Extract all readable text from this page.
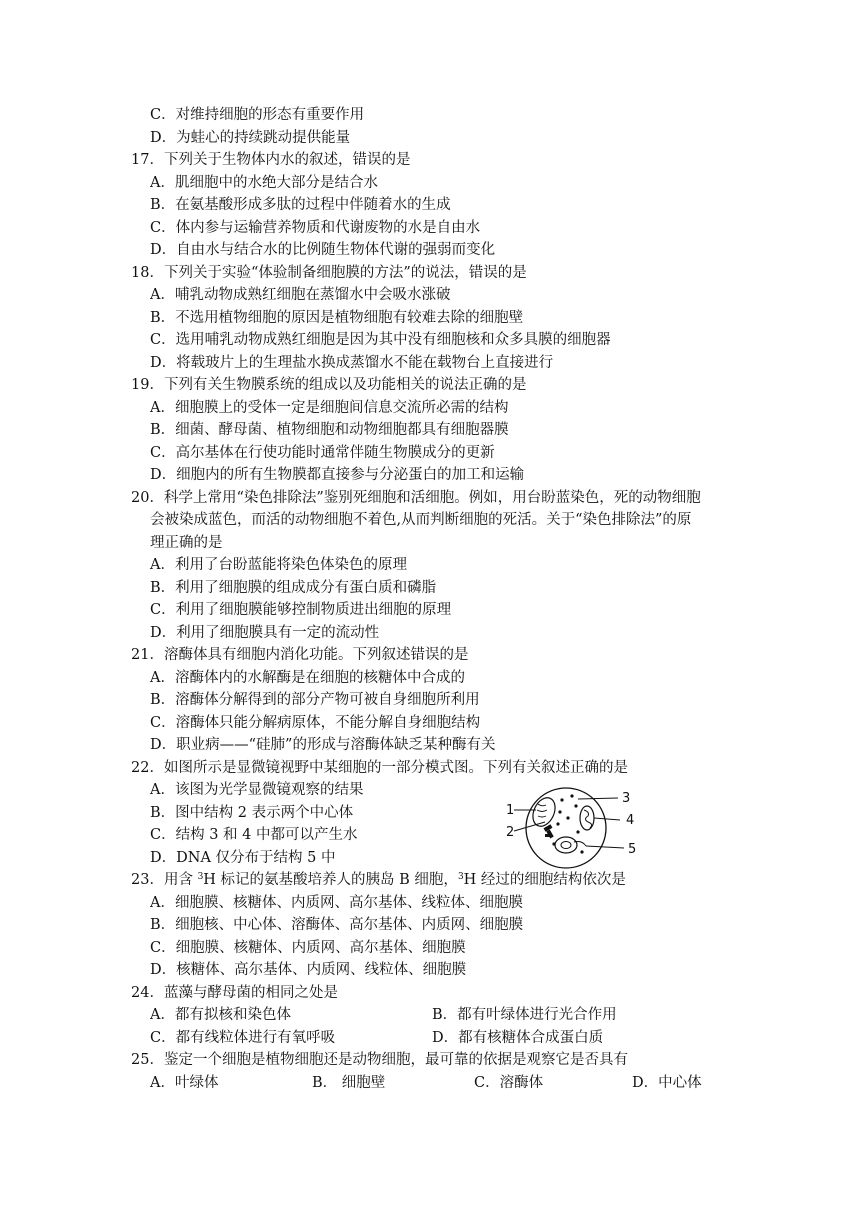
C．对维持细胞的形态有重要作用
D．为蛙心的持续跳动提供能量
17．下列关于生物体内水的叙述，错误的是
A．肌细胞中的水绝大部分是结合水
B．在氨基酸形成多肽的过程中伴随着水的生成
C．体内参与运输营养物质和代谢废物的水是自由水
D．自由水与结合水的比例随生物体代谢的强弱而变化
18．下列关于实验“体验制备细胞膜的方法”的说法，错误的是
A．哺乳动物成熟红细胞在蒸馏水中会吸水涨破
B．不选用植物细胞的原因是植物细胞有较难去除的细胞壁
C．选用哺乳动物成熟红细胞是因为其中没有细胞核和众多具膜的细胞器
D．将载玻片上的生理盐水换成蒸馏水不能在载物台上直接进行
19．下列有关生物膜系统的组成以及功能相关的说法正确的是
A．细胞膜上的受体一定是细胞间信息交流所必需的结构
B．细菌、酵母菌、植物细胞和动物细胞都具有细胞器膜
C．高尔基体在行使功能时通常伴随生物膜成分的更新
D．细胞内的所有生物膜都直接参与分泌蛋白的加工和运输
20．科学上常用“染色排除法”鉴别死细胞和活细胞。例如，用台盼蓝染色，死的动物细胞
会被染成蓝色，而活的动物细胞不着色,从而判断细胞的死活。关于“染色排除法”的原
理正确的是
A．利用了台盼蓝能将染色体染色的原理
B．利用了细胞膜的组成成分有蛋白质和磷脂
C．利用了细胞膜能够控制物质进出细胞的原理
D．利用了细胞膜具有一定的流动性
21．溶酶体具有细胞内消化功能。下列叙述错误的是
A．溶酶体内的水解酶是在细胞的核糖体中合成的
B．溶酶体分解得到的部分产物可被自身细胞所利用
C．溶酶体只能分解病原体，不能分解自身细胞结构
D．职业病——“硅肺”的形成与溶酶体缺乏某种酶有关
22．如图所示是显微镜视野中某细胞的一部分模式图。下列有关叙述正确的是
A．该图为光学显微镜观察的结果
B．图中结构 2 表示两个中心体
C．结构 3 和 4 中都可以产生水
D．DNA 仅分布于结构 5 中
1
2
3
4
5
23．用含 $^3$H 标记的氨基酸培养人的胰岛 B 细胞，$^3$H 经过的细胞结构依次是
A．细胞膜、核糖体、内质网、高尔基体、线粒体、细胞膜
B．细胞核、中心体、溶酶体、高尔基体、内质网、细胞膜
C．细胞膜、核糖体、内质网、高尔基体、细胞膜
D．核糖体、高尔基体、内质网、线粒体、细胞膜
24．蓝藻与酵母菌的相同之处是
A．都有拟核和染色体	B．都有叶绿体进行光合作用
C．都有线粒体进行有氧呼吸	D．都有核糖体合成蛋白质
25．鉴定一个细胞是植物细胞还是动物细胞，最可靠的依据是观察它是否具有
A．叶绿体	B． 细胞壁	C．溶酶体	D．中心体
